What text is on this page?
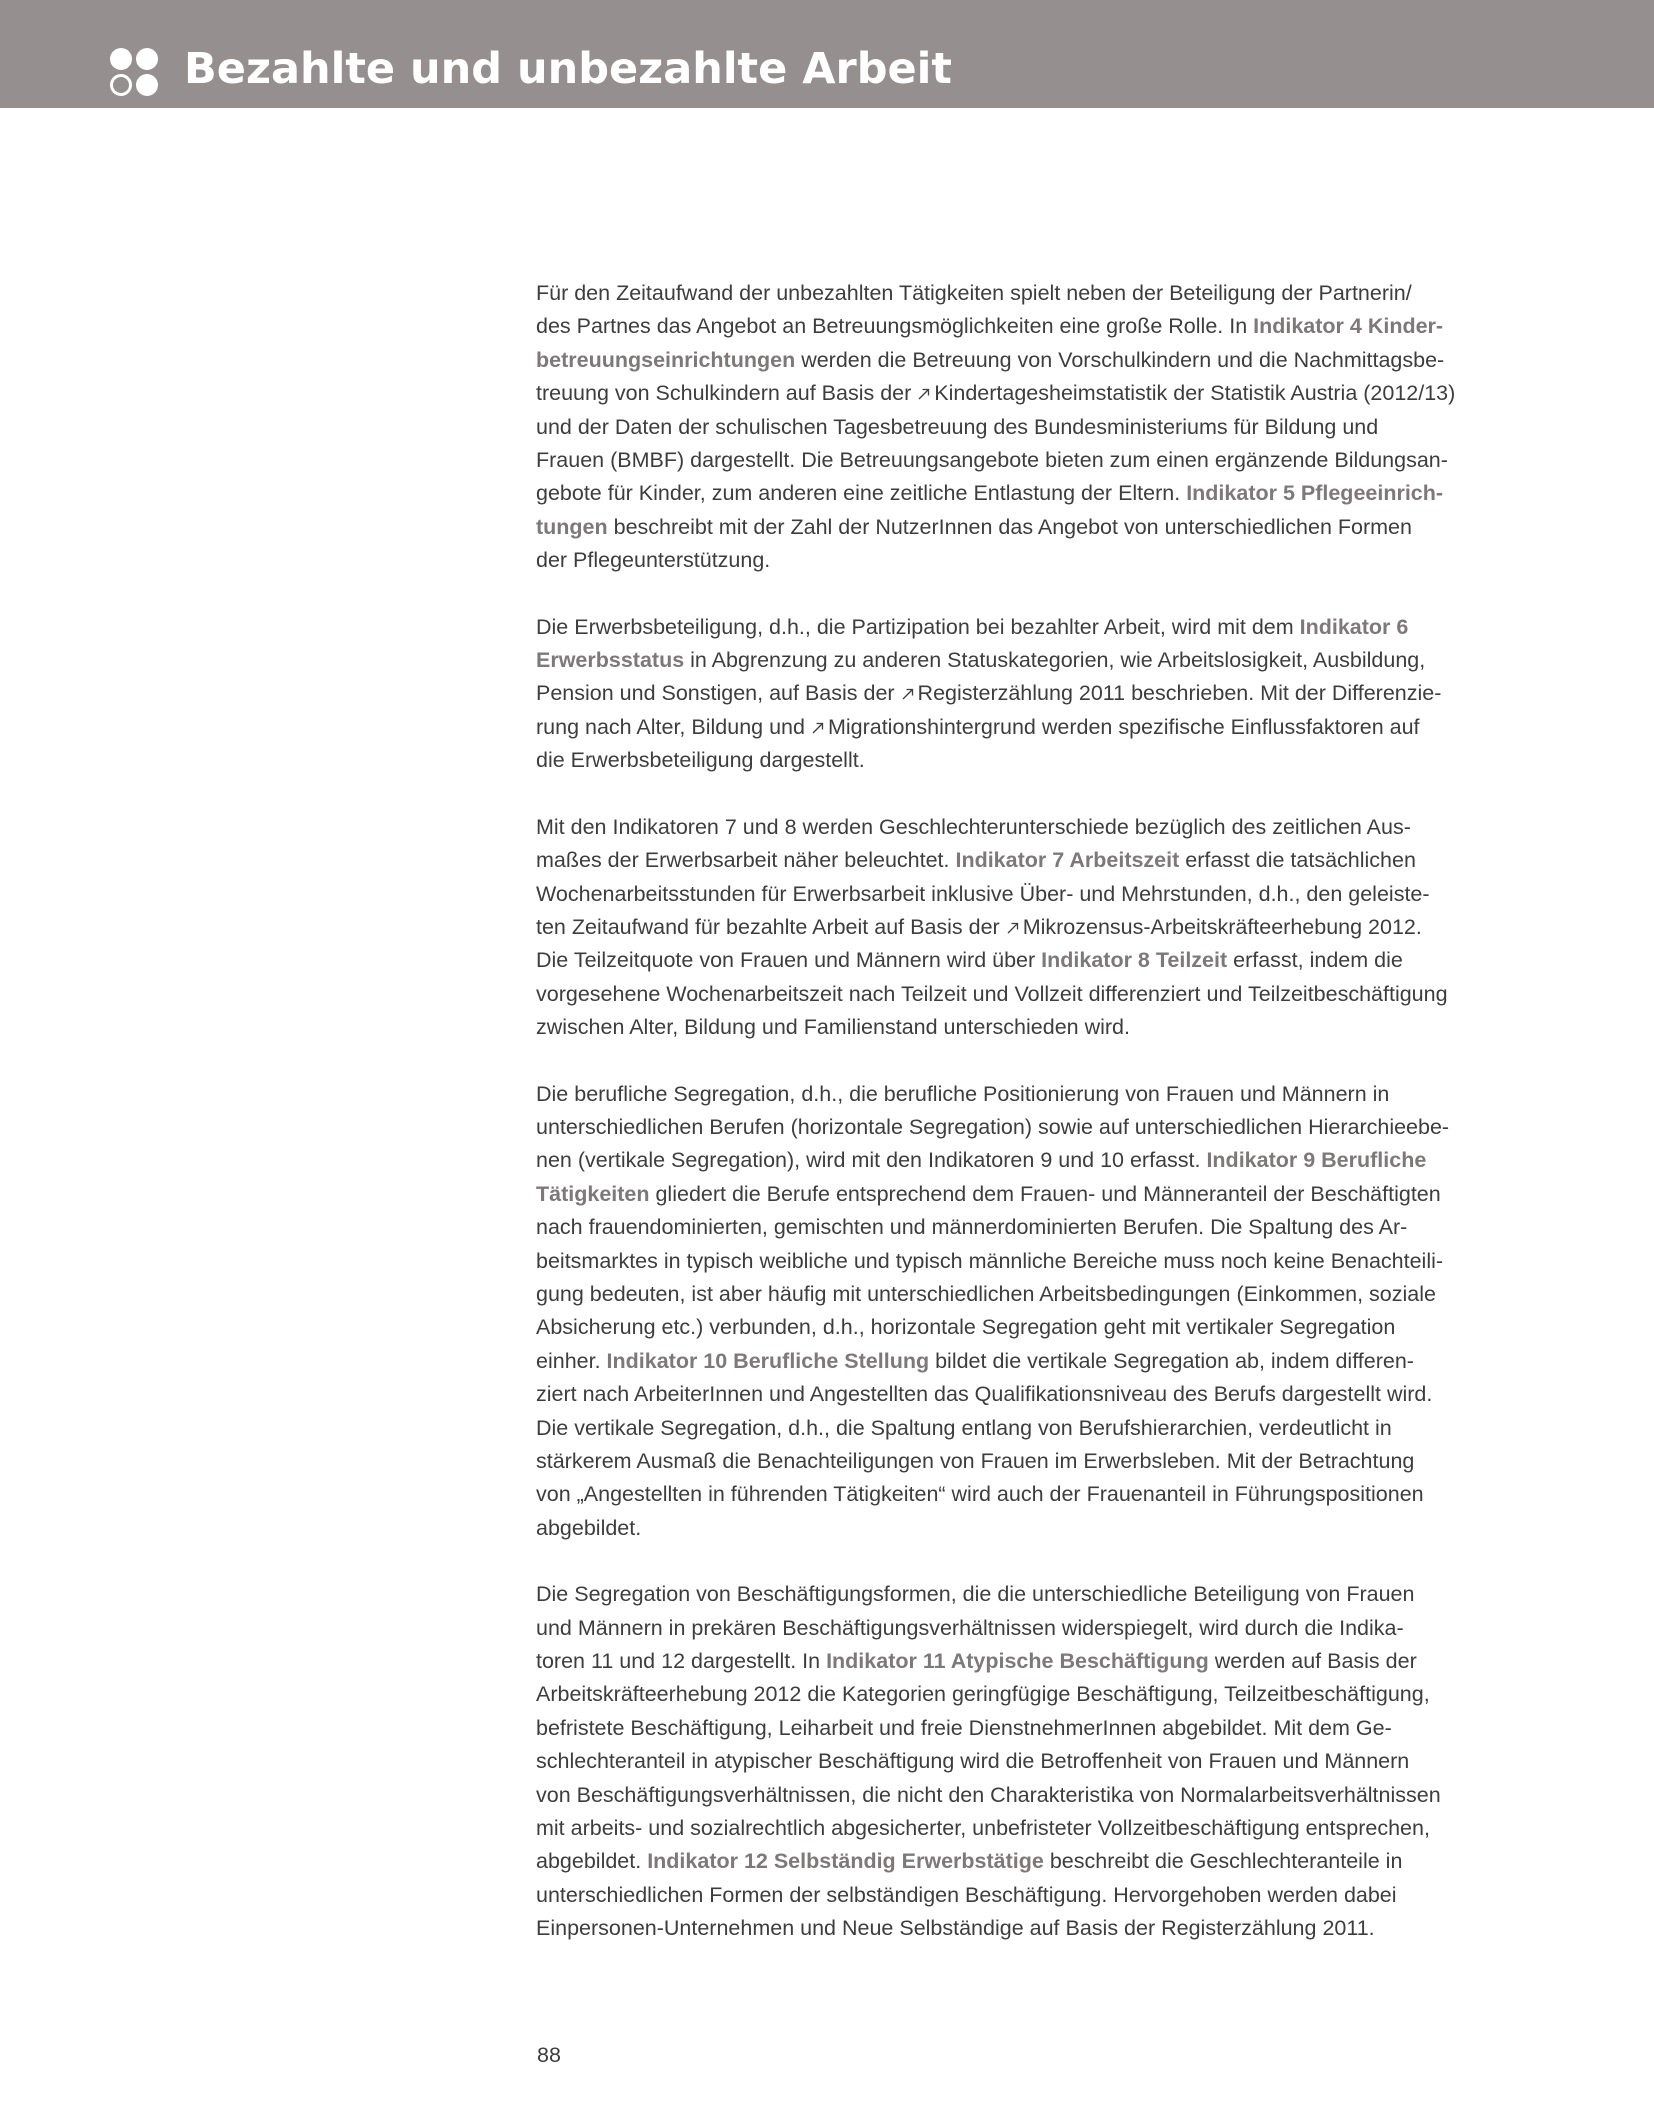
Bezahlte und unbezahlte Arbeit

Für den Zeitaufwand der unbezahlten Tätigkeiten spielt neben der Beteiligung der Partnerin/
des Partnes das Angebot an Betreuungsmöglichkeiten eine große Rolle. In Indikator 4 Kinder-
betreuungseinrichtungen werden die Betreuung von Vorschulkindern und die Nachmittagsbe-
treuung von Schulkindern auf Basis der Kindertagesheimstatistik der Statistik Austria (2012/13)
und der Daten der schulischen Tagesbetreuung des Bundesministeriums für Bildung und
Frauen (BMBF) dargestellt. Die Betreuungsangebote bieten zum einen ergänzende Bildungsan-
gebote für Kinder, zum anderen eine zeitliche Entlastung der Eltern. Indikator 5 Pflegeeinrich-
tungen beschreibt mit der Zahl der NutzerInnen das Angebot von unterschiedlichen Formen
der Pflegeunterstützung.

Die Erwerbsbeteiligung, d.h., die Partizipation bei bezahlter Arbeit, wird mit dem Indikator 6
Erwerbsstatus in Abgrenzung zu anderen Statuskategorien, wie Arbeitslosigkeit, Ausbildung,
Pension und Sonstigen, auf Basis der Registerzählung 2011 beschrieben. Mit der Differenzie-
rung nach Alter, Bildung und Migrationshintergrund werden spezifische Einflussfaktoren auf
die Erwerbsbeteiligung dargestellt.

Mit den Indikatoren 7 und 8 werden Geschlechterunterschiede bezüglich des zeitlichen Aus-
maßes der Erwerbsarbeit näher beleuchtet. Indikator 7 Arbeitszeit erfasst die tatsächlichen
Wochenarbeitsstunden für Erwerbsarbeit inklusive Über- und Mehrstunden, d.h., den geleiste-
ten Zeitaufwand für bezahlte Arbeit auf Basis der Mikrozensus-Arbeitskräfteerhebung 2012.
Die Teilzeitquote von Frauen und Männern wird über Indikator 8 Teilzeit erfasst, indem die
vorgesehene Wochenarbeitszeit nach Teilzeit und Vollzeit differenziert und Teilzeitbeschäftigung
zwischen Alter, Bildung und Familienstand unterschieden wird.

Die berufliche Segregation, d.h., die berufliche Positionierung von Frauen und Männern in
unterschiedlichen Berufen (horizontale Segregation) sowie auf unterschiedlichen Hierarchieebe-
nen (vertikale Segregation), wird mit den Indikatoren 9 und 10 erfasst. Indikator 9 Berufliche
Tätigkeiten gliedert die Berufe entsprechend dem Frauen- und Männeranteil der Beschäftigten
nach frauendominierten, gemischten und männerdominierten Berufen. Die Spaltung des Ar-
beitsmarktes in typisch weibliche und typisch männliche Bereiche muss noch keine Benachteili-
gung bedeuten, ist aber häufig mit unterschiedlichen Arbeitsbedingungen (Einkommen, soziale
Absicherung etc.) verbunden, d.h., horizontale Segregation geht mit vertikaler Segregation
einher. Indikator 10 Berufliche Stellung bildet die vertikale Segregation ab, indem differen-
ziert nach ArbeiterInnen und Angestellten das Qualifikationsniveau des Berufs dargestellt wird.
Die vertikale Segregation, d.h., die Spaltung entlang von Berufshierarchien, verdeutlicht in
stärkerem Ausmaß die Benachteiligungen von Frauen im Erwerbsleben. Mit der Betrachtung
von „Angestellten in führenden Tätigkeiten“ wird auch der Frauenanteil in Führungspositionen
abgebildet.

Die Segregation von Beschäftigungsformen, die die unterschiedliche Beteiligung von Frauen
und Männern in prekären Beschäftigungsverhältnissen widerspiegelt, wird durch die Indika-
toren 11 und 12 dargestellt. In Indikator 11 Atypische Beschäftigung werden auf Basis der
Arbeitskräfteerhebung 2012 die Kategorien geringfügige Beschäftigung, Teilzeitbeschäftigung,
befristete Beschäftigung, Leiharbeit und freie DienstnehmerInnen abgebildet. Mit dem Ge-
schlechteranteil in atypischer Beschäftigung wird die Betroffenheit von Frauen und Männern
von Beschäftigungsverhältnissen, die nicht den Charakteristika von Normalarbeitsverhältnissen
mit arbeits- und sozialrechtlich abgesicherter, unbefristeter Vollzeitbeschäftigung entsprechen,
abgebildet. Indikator 12 Selbständig Erwerbstätige beschreibt die Geschlechteranteile in
unterschiedlichen Formen der selbständigen Beschäftigung. Hervorgehoben werden dabei
Einpersonen-Unternehmen und Neue Selbständige auf Basis der Registerzählung 2011.

88
